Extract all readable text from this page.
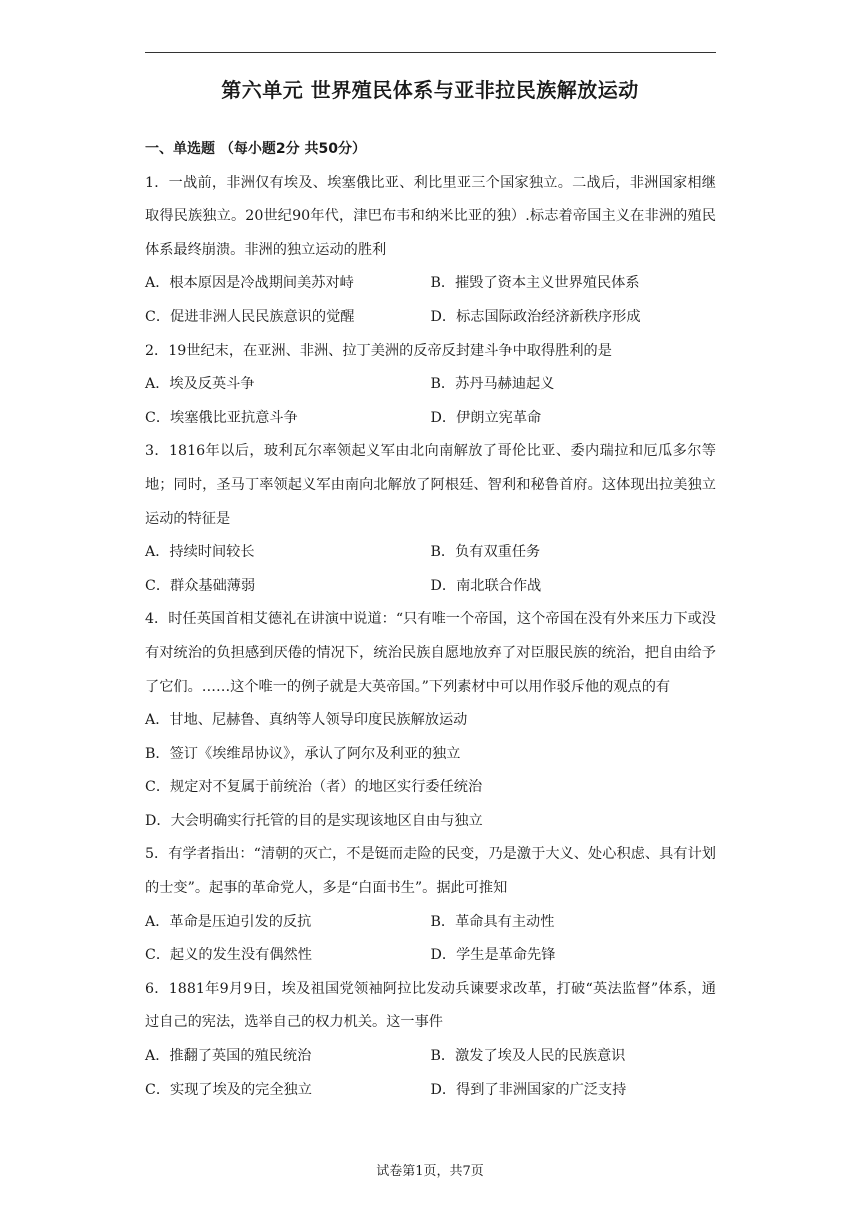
第六单元 世界殖民体系与亚非拉民族解放运动
一、单选题 （每小题2分 共50分）
1．一战前，非洲仅有埃及、埃塞俄比亚、利比里亚三个国家独立。二战后，非洲国家相继取得民族独立。20世纪90年代，津巴布韦和纳米比亚的独）.标志着帝国主义在非洲的殖民体系最终崩溃。非洲的独立运动的胜利
A．根本原因是冷战期间美苏对峙	B．摧毁了资本主义世界殖民体系
C．促进非洲人民民族意识的觉醒	D．标志国际政治经济新秩序形成
2．19世纪末，在亚洲、非洲、拉丁美洲的反帝反封建斗争中取得胜利的是
A．埃及反英斗争	B．苏丹马赫迪起义
C．埃塞俄比亚抗意斗争	D．伊朗立宪革命
3．1816年以后，玻利瓦尔率领起义军由北向南解放了哥伦比亚、委内瑞拉和厄瓜多尔等地；同时，圣马丁率领起义军由南向北解放了阿根廷、智利和秘鲁首府。这体现出拉美独立运动的特征是
A．持续时间较长	B．负有双重任务
C．群众基础薄弱	D．南北联合作战
4．时任英国首相艾德礼在讲演中说道：“只有唯一个帝国，这个帝国在没有外来压力下或没有对统治的负担感到厌倦的情况下，统治民族自愿地放弃了对臣服民族的统治，把自由给予了它们。……这个唯一的例子就是大英帝国。”下列素材中可以用作驳斥他的观点的有
A．甘地、尼赫鲁、真纳等人领导印度民族解放运动
B．签订《埃维昂协议》，承认了阿尔及利亚的独立
C．规定对不复属于前统治（者）的地区实行委任统治
D．大会明确实行托管的目的是实现该地区自由与独立
5．有学者指出：“清朝的灭亡，不是铤而走险的民变，乃是激于大义、处心积虑、具有计划的士变”。起事的革命党人，多是“白面书生”。据此可推知
A．革命是压迫引发的反抗	B．革命具有主动性
C．起义的发生没有偶然性	D．学生是革命先锋
6．1881年9月9日，埃及祖国党领袖阿拉比发动兵谏要求改革，打破“英法监督”体系，通过自己的宪法，选举自己的权力机关。这一事件
A．推翻了英国的殖民统治	B．激发了埃及人民的民族意识
C．实现了埃及的完全独立	D．得到了非洲国家的广泛支持
试卷第1页，共7页
